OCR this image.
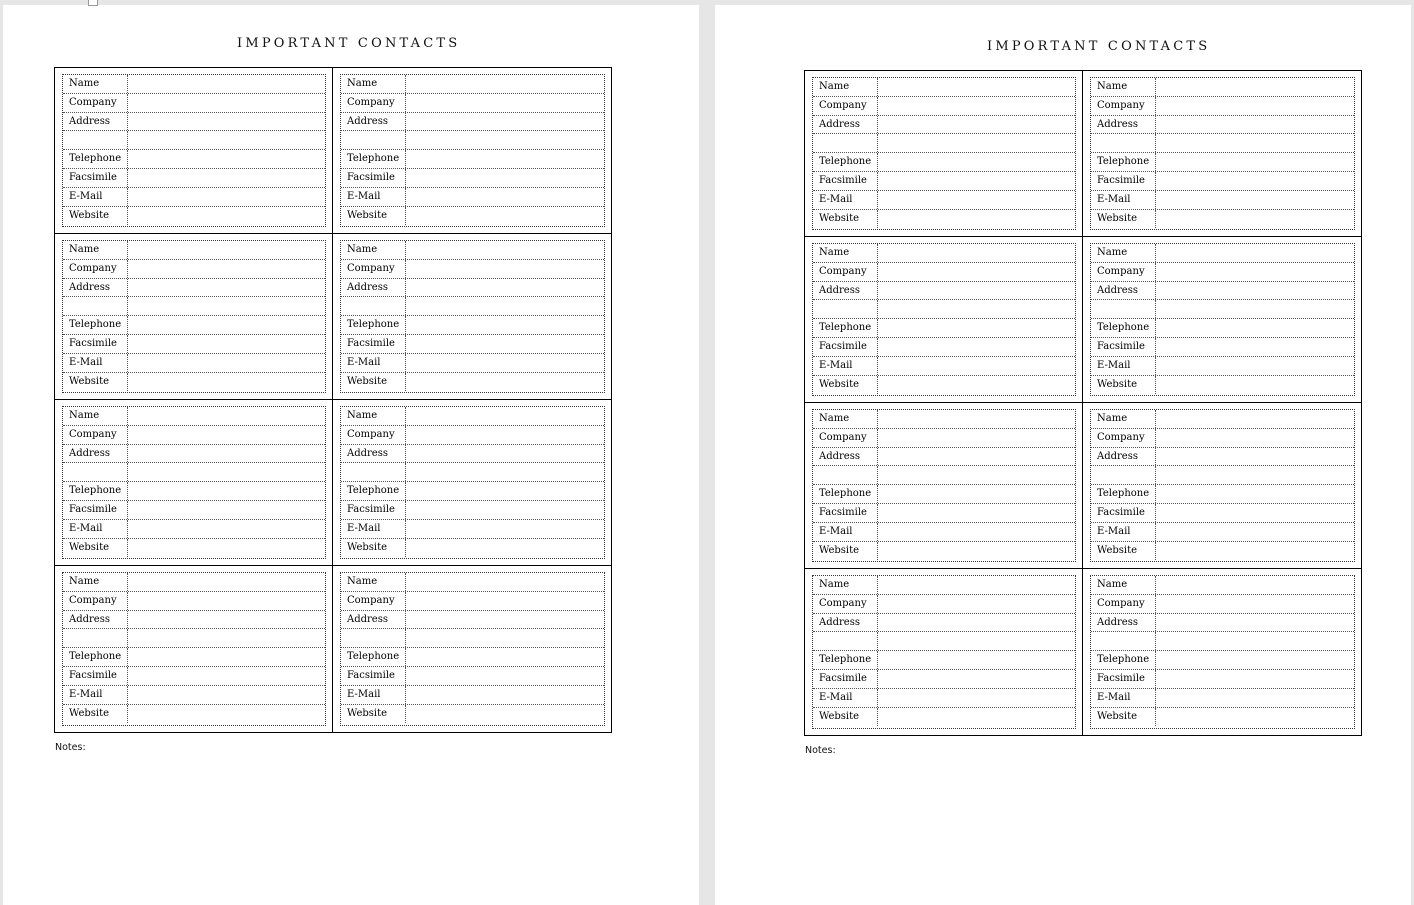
IMPORTANT CONTACTS
Name
Company
Address
Telephone
Facsimile
E-Mail
Website
Name
Company
Address
Telephone
Facsimile
E-Mail
Website
Name
Company
Address
Telephone
Facsimile
E-Mail
Website
Name
Company
Address
Telephone
Facsimile
E-Mail
Website
Name
Company
Address
Telephone
Facsimile
E-Mail
Website
Name
Company
Address
Telephone
Facsimile
E-Mail
Website
Name
Company
Address
Telephone
Facsimile
E-Mail
Website
Name
Company
Address
Telephone
Facsimile
E-Mail
Website
Notes:
IMPORTANT CONTACTS
Name
Company
Address
Telephone
Facsimile
E-Mail
Website
Name
Company
Address
Telephone
Facsimile
E-Mail
Website
Name
Company
Address
Telephone
Facsimile
E-Mail
Website
Name
Company
Address
Telephone
Facsimile
E-Mail
Website
Name
Company
Address
Telephone
Facsimile
E-Mail
Website
Name
Company
Address
Telephone
Facsimile
E-Mail
Website
Name
Company
Address
Telephone
Facsimile
E-Mail
Website
Name
Company
Address
Telephone
Facsimile
E-Mail
Website
Notes:
